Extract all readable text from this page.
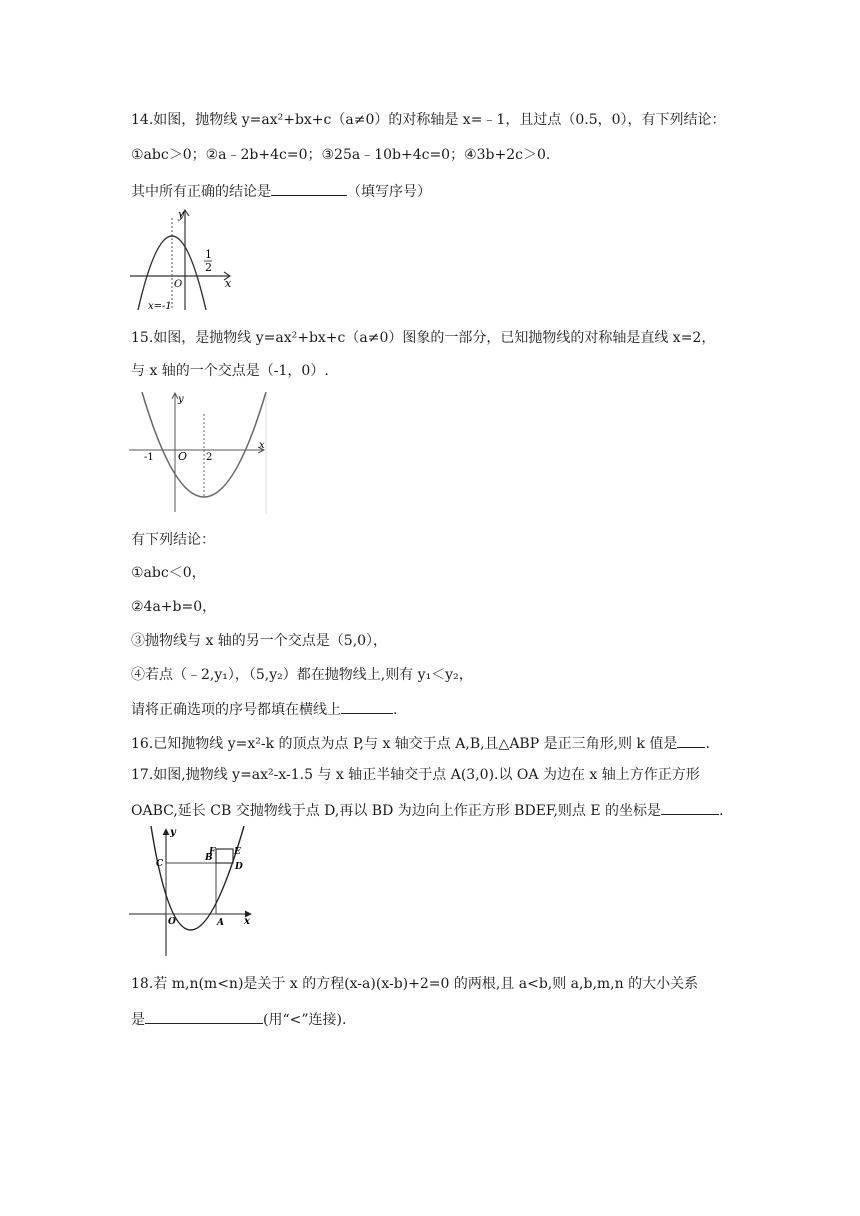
14.如图，抛物线 y=ax²+bx+c（a≠0）的对称轴是 x=﹣1，且过点（0.5，0），有下列结论：
①abc＞0；②a﹣2b+4c=0；③25a﹣10b+4c=0；④3b+2c＞0.
其中所有正确的结论是	（填写序号）
y
x
O
1
2
x=-1
15.如图，是抛物线 y=ax²+bx+c（a≠0）图象的一部分，已知抛物线的对称轴是直线 x=2，
与 x 轴的一个交点是（-1，0）.
y
x
-1 O 2
有下列结论：
①abc＜0，
②4a+b=0，
③抛物线与 x 轴的另一个交点是（5,0），
④若点（﹣2,y₁），（5,y₂）都在抛物线上,则有 y₁＜y₂，
请将正确选项的序号都填在横线上	.
16.已知抛物线 y=x²-k 的顶点为点 P,与 x 轴交于点 A,B,且△ABP 是正三角形,则 k 值是 .
17.如图,抛物线 y=ax²-x-1.5 与 x 轴正半轴交于点 A(3,0).以 OA 为边在 x 轴上方作正方形
OABC,延长 CB 交抛物线于点 D,再以 BD 为边向上作正方形 BDEF,则点 E 的坐标是	.
y
x
O	A
B
C	D
E
F
18.若 m,n(m<n)是关于 x 的方程(x-a)(x-b)+2=0 的两根,且 a<b,则 a,b,m,n 的大小关系
是	(用“<”连接).
